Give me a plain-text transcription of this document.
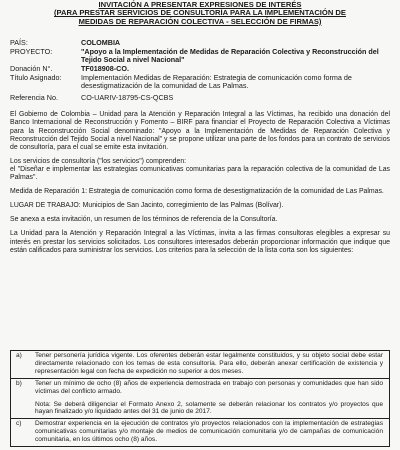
INVITACIÓN A PRESENTAR EXPRESIONES DE INTERÉS
(PARA PRESTAR SERVICIOS DE CONSULTORÍA PARA LA IMPLEMENTACIÓN DE
MEDIDAS DE REPARACIÓN COLECTIVA - SELECCIÓN DE FIRMAS)
PAÍS:	COLOMBIA
PROYECTO:	"Apoyo a la Implementación de Medidas de Reparación Colectiva y Reconstrucción del Tejido Social a nivel Nacional"
Donación N°.	TF018908-CO.
Título Asignado:	Implementación Medidas de Reparación: Estrategia de comunicación como forma de desestigmatización de la comunidad de Las Palmas.
Referencia No.	CO-UARIV-18795-CS-QCBS

El Gobierno de Colombia – Unidad para la Atención y Reparación Integral a las Víctimas, ha recibido una donación del Banco Internacional de Reconstrucción y Fomento – BIRF para financiar el Proyecto de Reparación Colectiva a Víctimas para la Reconstrucción Social denominado: "Apoyo a la Implementación de Medidas de Reparación Colectiva y Reconstrucción del Tejido Social a nivel Nacional" y se propone utilizar una parte de los fondos para un contrato de servicios de consultoría, para el cual se emite esta invitación.

Los servicios de consultoría ("los servicios") comprenden:

el "Diseñar e implementar las estrategias comunicativas comunitarias para la reparación colectiva de la comunidad de Las Palmas".

Medida de Reparación 1: Estrategia de comunicación como forma de desestigmatización de la comunidad de Las Palmas.

LUGAR DE TRABAJO: Municipios de San Jacinto, corregimiento de las Palmas (Bolívar).

Se anexa a esta invitación, un resumen de los términos de referencia de la Consultoría.

La Unidad para la Atención y Reparación Integral a las Víctimas, invita a las firmas consultoras elegibles a expresar su interés en prestar los servicios solicitados. Los consultores interesados deberán proporcionar información que indique que están calificados para suministrar los servicios. Los criterios para la selección de la lista corta son los siguientes:

a)	Tener personería jurídica vigente. Los oferentes deberán estar legalmente constituidos, y su objeto social debe estar directamente relacionado con los temas de esta consultoría. Para ello, deberán anexar certificación de existencia y representación legal con fecha de expedición no superior a dos meses.
b)	Tener un mínimo de ocho (8) años de experiencia demostrada en trabajo con personas y comunidades que han sido víctimas del conflicto armado.
Nota: Se deberá diligenciar el Formato Anexo 2, solamente se deberán relacionar los contratos y/o proyectos que hayan finalizado y/o liquidado antes del 31 de junio de 2017.
c)	Demostrar experiencia en la ejecución de contratos y/o proyectos relacionados con la implementación de estrategias comunicativas comunitarias y/o montaje de medios de comunicación comunitaria y/o de campañas de comunicación comunitaria, en los últimos ocho (8) años.
